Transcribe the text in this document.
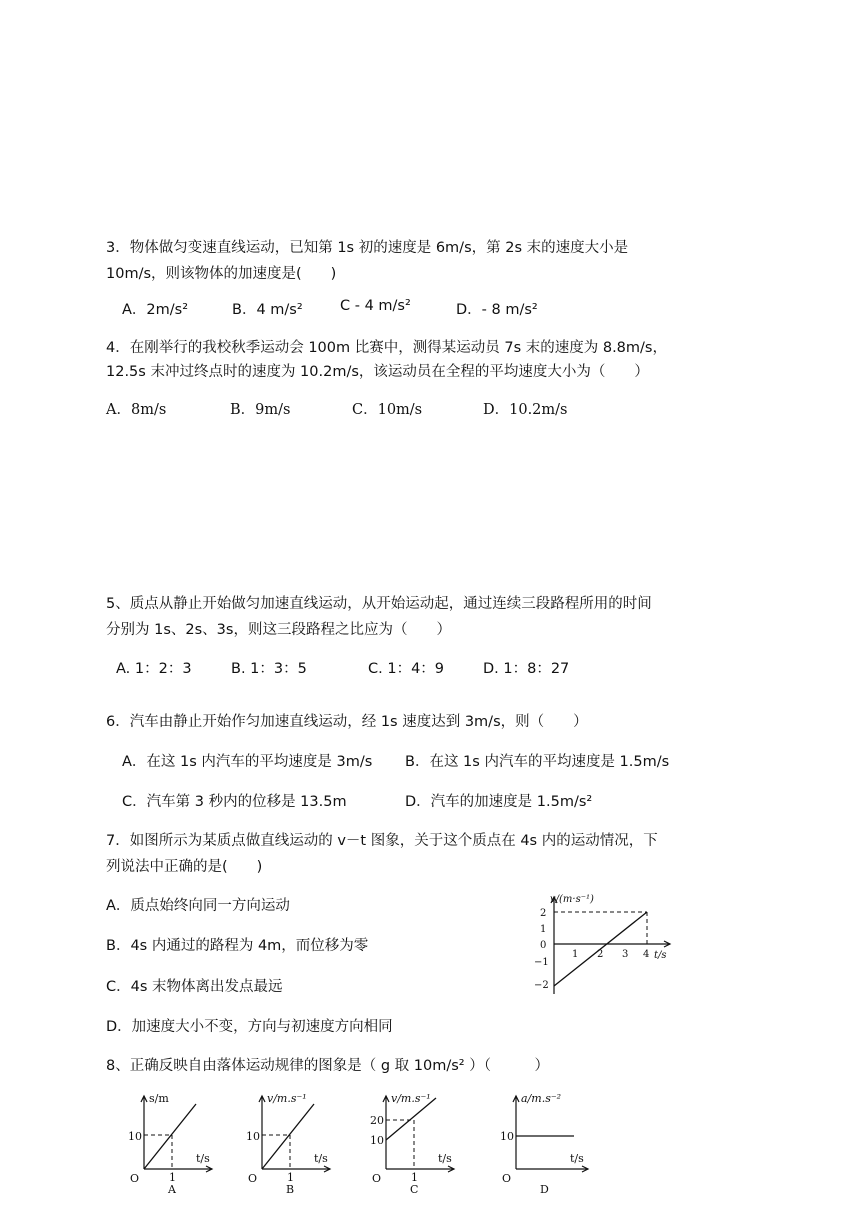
3．物体做匀变速直线运动，已知第 1s 初的速度是 6m/s，第 2s 末的速度大小是
10m/s，则该物体的加速度是(　　)
A．2m/s²	B．4 m/s²	C - 4 m/s²	D．- 8 m/s²
4．在刚举行的我校秋季运动会 100m 比赛中，测得某运动员 7s 末的速度为 8.8m/s，
12.5s 末冲过终点时的速度为 10.2m/s，该运动员在全程的平均速度大小为（　　）
A．8m/s	B．9m/s	C．10m/s	D．10.2m/s
5、质点从静止开始做匀加速直线运动，从开始运动起，通过连续三段路程所用的时间
分别为 1s、2s、3s，则这三段路程之比应为（　　）
A. 1：2：3	B. 1：3：5	C. 1：4：9	D. 1：8：27
6．汽车由静止开始作匀加速直线运动，经 1s 速度达到 3m/s，则（　　）
A．在这 1s 内汽车的平均速度是 3m/s B．在这 1s 内汽车的平均速度是 1.5m/s
C．汽车第 3 秒内的位移是 13.5m	D．汽车的加速度是 1.5m/s²
7．如图所示为某质点做直线运动的 v－t 图象，关于这个质点在 4s 内的运动情况，下
列说法中正确的是(　　)
A．质点始终向同一方向运动
B．4s 内通过的路程为 4m，而位移为零
C．4s 末物体离出发点最远
D．加速度大小不变，方向与初速度方向相同
v/(m·s⁻¹)
t/s
2
1
0
−1
−2
1 2 3 4
8、正确反映自由落体运动规律的图象是（ g 取 10m/s² ）（　　　）
s/m
t/s
O
10
1
A
v/m.s⁻¹
t/s
O
10
1
B
v/m.s⁻¹
t/s
O
20
10
1
C
a/m.s⁻²
t/s
O
10
D
